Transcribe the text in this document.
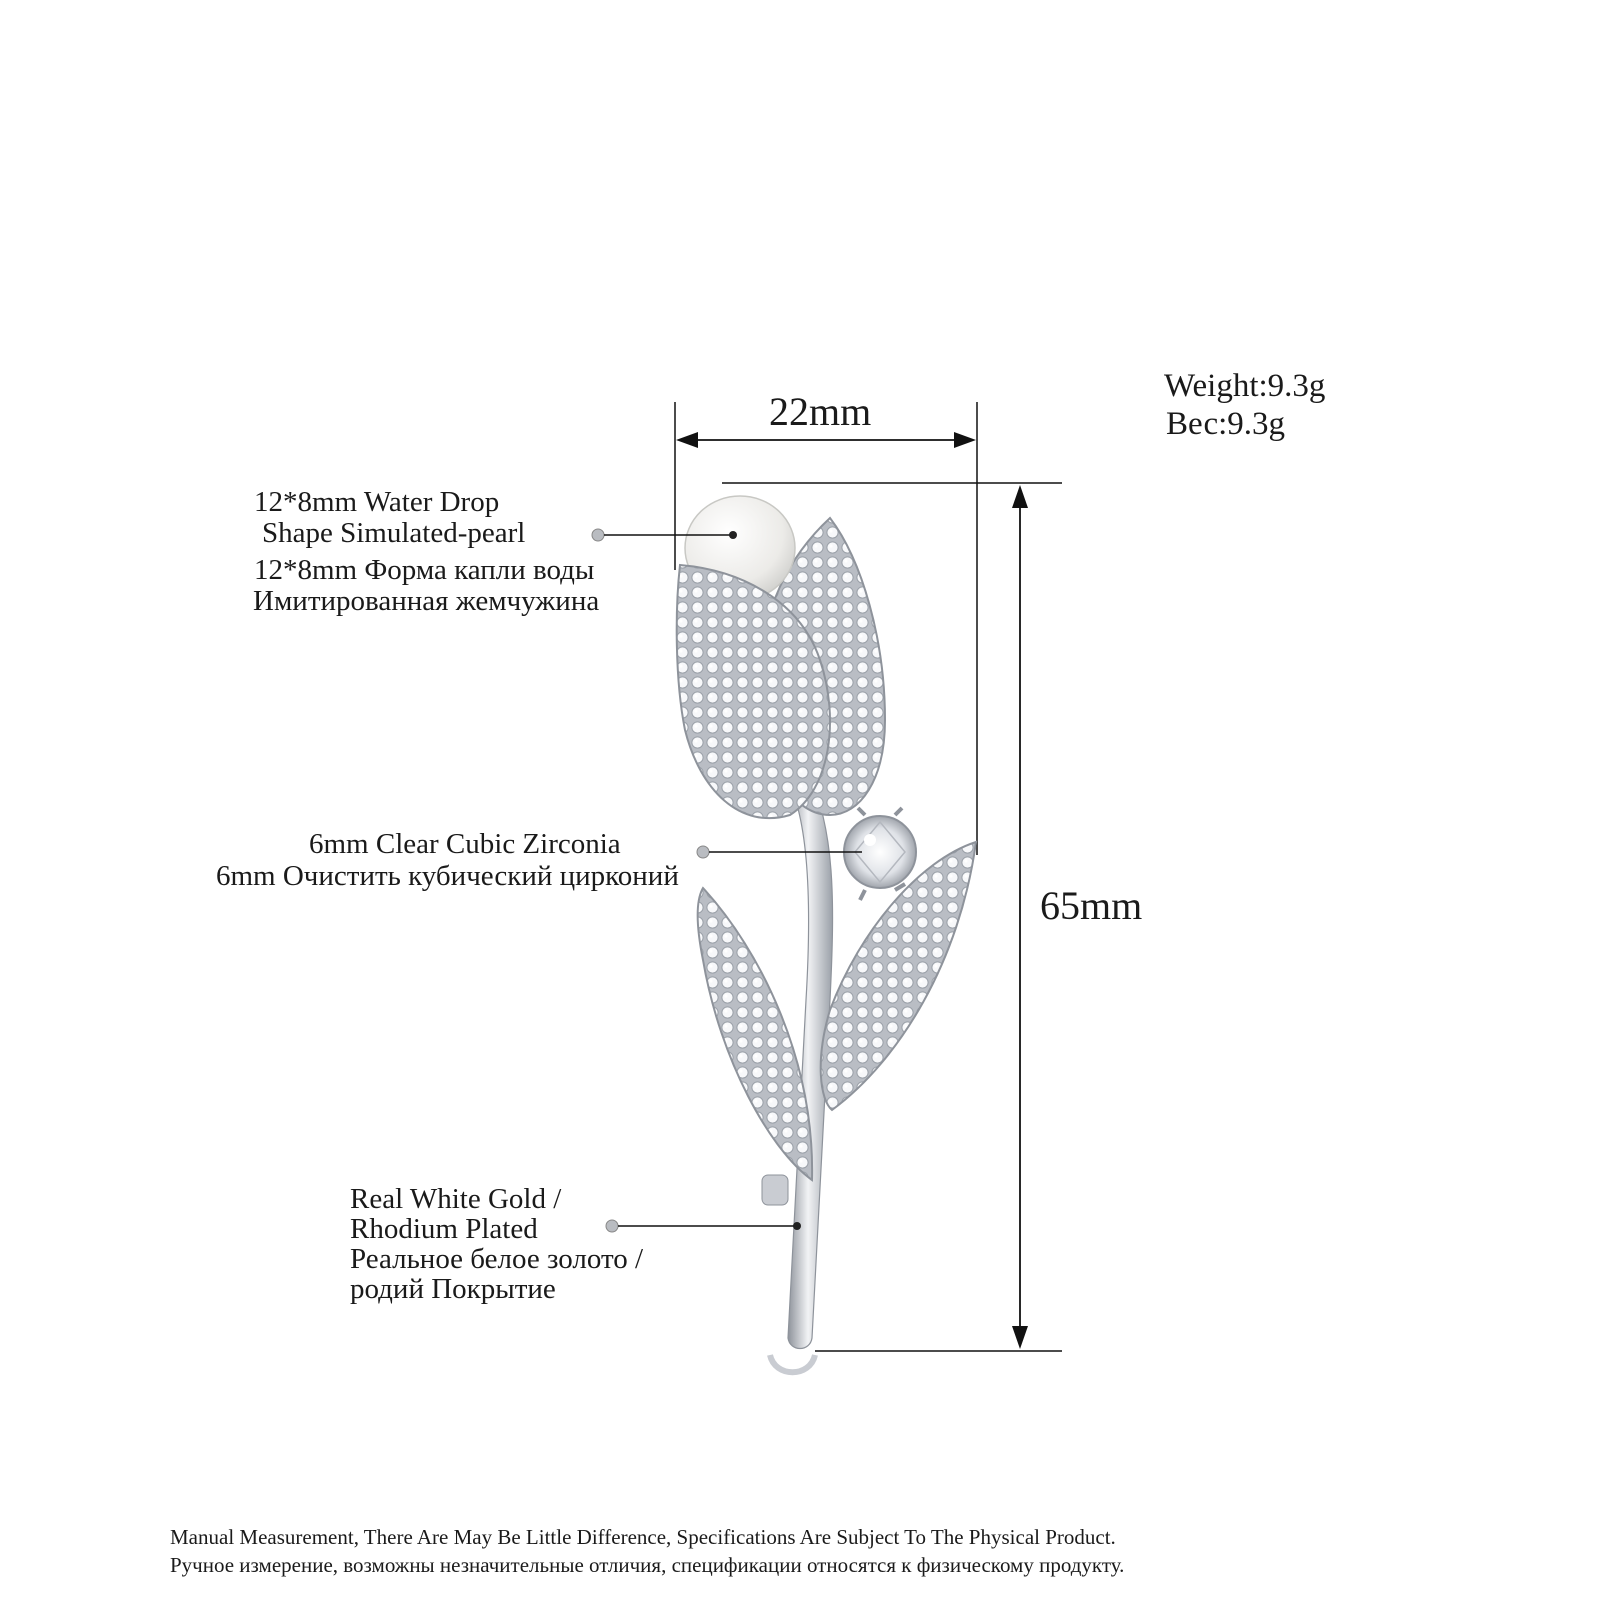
Weight:9.3g
Вес:9.3g
22mm
65mm
12*8mm Water Drop
Shape Simulated-pearl
12*8mm Форма капли воды
Имитированная жемчужина
6mm Clear Cubic Zirconia
6mm Очистить кубический цирконий
Real White Gold /
Rhodium Plated
Реальное белое золото /
родий Покрытие
Manual Measurement, There Are May Be Little Difference, Specifications Are Subject To The Physical Product.
Ручное измерение, возможны незначительные отличия, спецификации относятся к физическому продукту.
